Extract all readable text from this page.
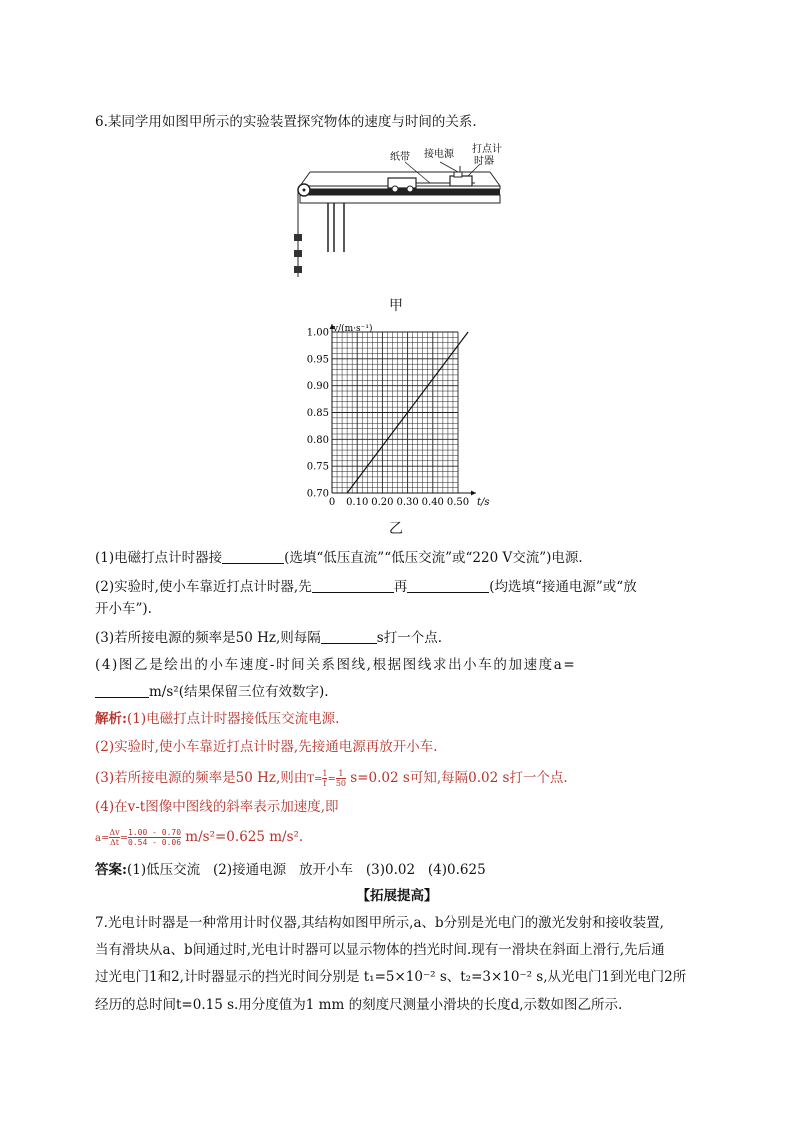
6.某同学用如图甲所示的实验装置探究物体的速度与时间的关系.
纸带 接电源 打点计
时器
甲
t/s
v/(m·s⁻¹)
0.70
0.75
0.80
0.85
0.90
0.95
1.00
0 0.10 0.20 0.30 0.40 0.50
乙
(1)电磁打点计时器接	(选填“低压直流”“低压交流”或“220 V交流”)电源.
(2)实验时,使小车靠近打点计时器,先	再	(均选填“接通电源”或“放
开小车”).
(3)若所接电源的频率是50 Hz,则每隔	s打一个点.
(4)图乙是绘出的小车速度-时间关系图线,根据图线求出小车的加速度a=
m/s²(结果保留三位有效数字).
解析:(1)电磁打点计时器接低压交流电源.
(2)实验时,使小车靠近打点计时器,先接通电源再放开小车.
(3)若所接电源的频率是50 Hz,则由$T= \frac{1}{f} = \frac{1}{50} s=0.02$ s可知,每隔0.02 s打一个点.
(4)在v-t图像中图线的斜率表示加速度,即
$a= \frac{\Delta v}{\Delta t} = \frac{1.00 - 0.70}{0.54 - 0.06} m/s^2=0.625$ m/s².
答案:(1)低压交流   (2)接通电源   放开小车   (3)0.02   (4)0.625
【拓展提高】
7.光电计时器是一种常用计时仪器,其结构如图甲所示,a、b分别是光电门的激光发射和接收装置,
当有滑块从a、b间通过时,光电计时器可以显示物体的挡光时间.现有一滑块在斜面上滑行,先后通
过光电门1和2,计时器显示的挡光时间分别是 t₁=5×10⁻² s、t₂=3×10⁻² s,从光电门1到光电门2所
经历的总时间t=0.15 s.用分度值为1 mm 的刻度尺测量小滑块的长度d,示数如图乙所示.
